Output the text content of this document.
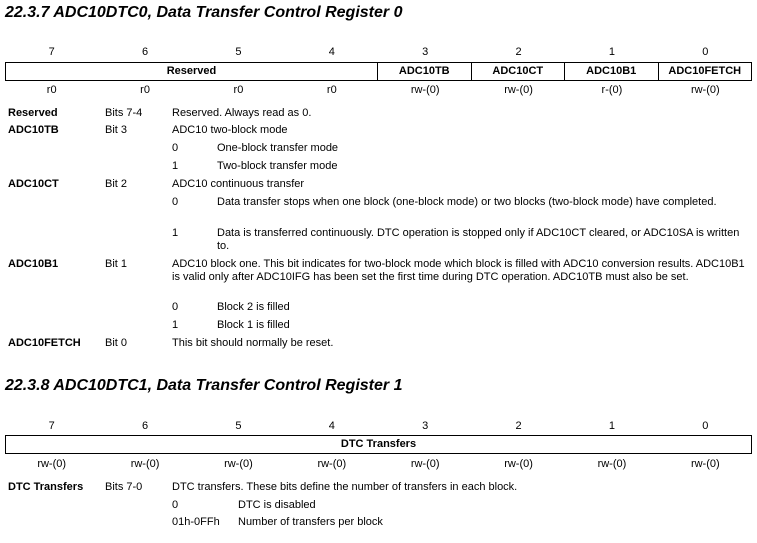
22.3.7 ADC10DTC0, Data Transfer Control Register 0
7	6	5	4	3	2	1	0
Reserved	ADC10TB	ADC10CT	ADC10B1	ADC10FETCH
r0	r0	r0	r0	rw-(0)	rw-(0)	r-(0)	rw-(0)
Reserved	Bits 7-4	Reserved. Always read as 0.
ADC10TB	Bit 3	ADC10 two-block mode
0	One-block transfer mode
1	Two-block transfer mode
ADC10CT	Bit 2	ADC10 continuous transfer
0	Data transfer stops when one block (one-block mode) or two blocks (two-block mode) have completed.
1	Data is transferred continuously. DTC operation is stopped only if ADC10CT cleared, or ADC10SA is written to.
ADC10B1	Bit 1	ADC10 block one. This bit indicates for two-block mode which block is filled with ADC10 conversion results. ADC10B1 is valid only after ADC10IFG has been set the first time during DTC operation. ADC10TB must also be set.
0	Block 2 is filled
1	Block 1 is filled
ADC10FETCH Bit 0	This bit should normally be reset.
22.3.8 ADC10DTC1, Data Transfer Control Register 1
7	6	5	4	3	2	1	0
DTC Transfers
rw-(0)	rw-(0)	rw-(0)	rw-(0)	rw-(0)	rw-(0)	rw-(0)	rw-(0)
DTC Transfers Bits 7-0	DTC transfers. These bits define the number of transfers in each block.
0	DTC is disabled
01h-0FFh Number of transfers per block
